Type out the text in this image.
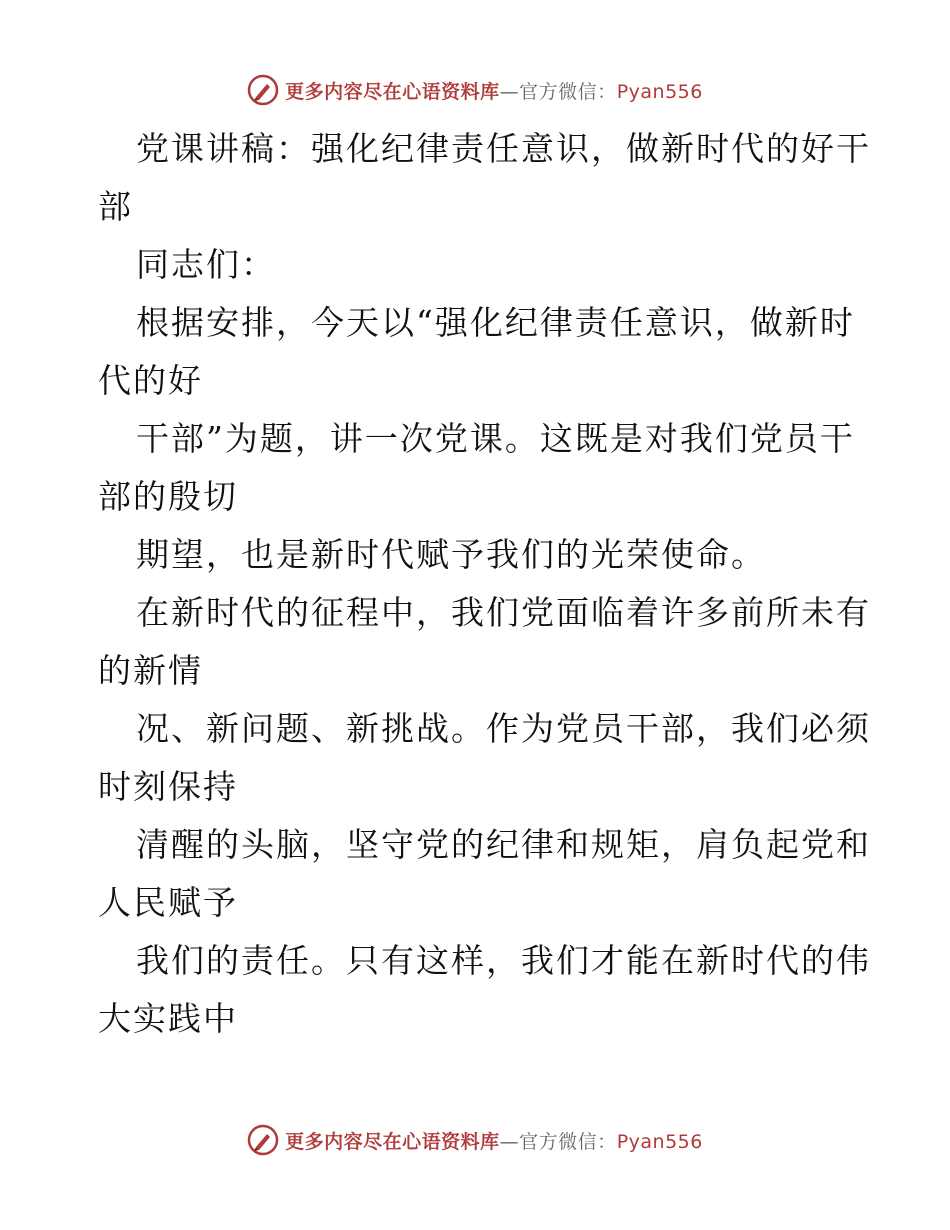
更多内容尽在心语资料库—官方微信：Pyan556
党课讲稿：强化纪律责任意识，做新时代的好干
部
同志们：
根据安排，今天以“强化纪律责任意识，做新时
代的好
干部”为题，讲一次党课。这既是对我们党员干
部的殷切
期望，也是新时代赋予我们的光荣使命。
在新时代的征程中，我们党面临着许多前所未有
的新情
况、新问题、新挑战。作为党员干部，我们必须
时刻保持
清醒的头脑，坚守党的纪律和规矩，肩负起党和
人民赋予
我们的责任。只有这样，我们才能在新时代的伟
大实践中
更多内容尽在心语资料库—官方微信：Pyan556
